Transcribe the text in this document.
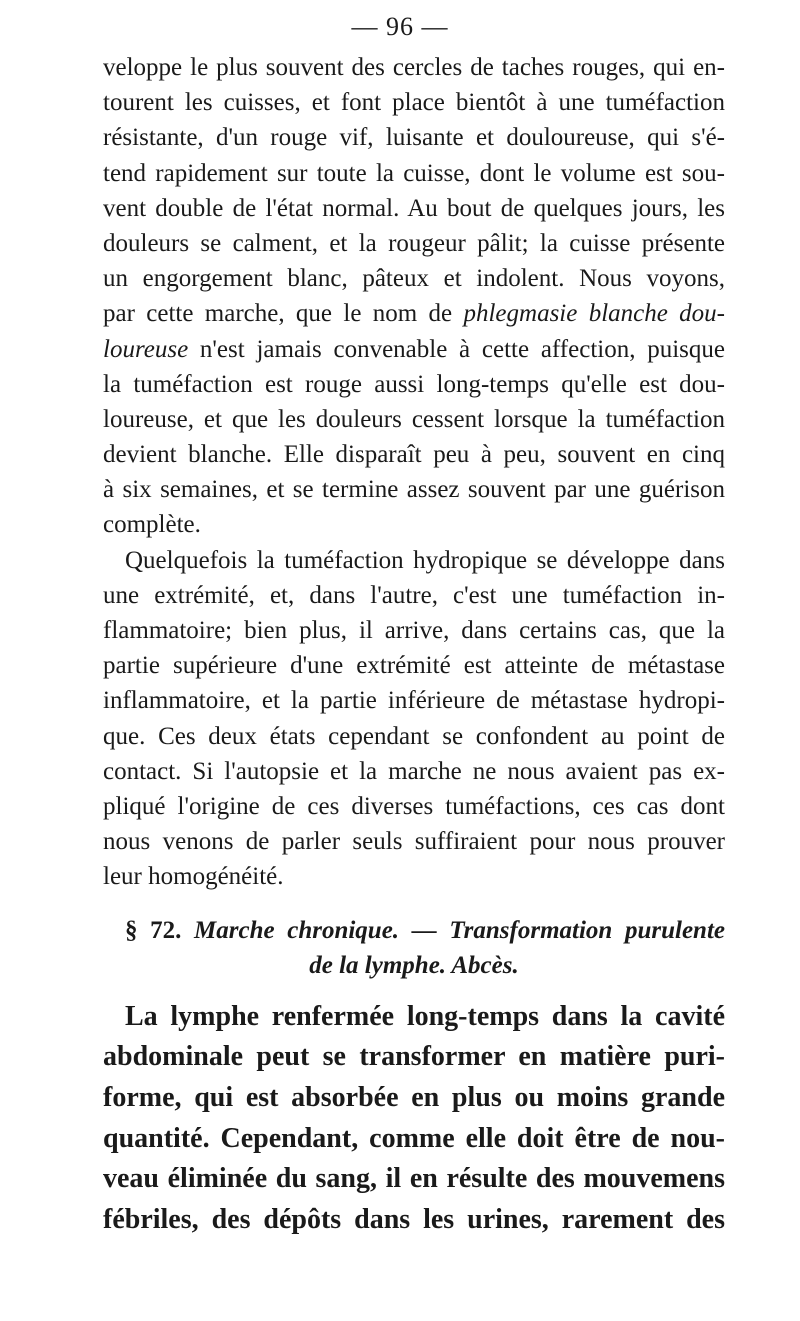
— 96 —
veloppe le plus souvent des cercles de taches rouges, qui en-
tourent les cuisses, et font place bientôt à une tuméfaction
résistante, d'un rouge vif, luisante et douloureuse, qui s'é-
tend rapidement sur toute la cuisse, dont le volume est sou-
vent double de l'état normal. Au bout de quelques jours, les
douleurs se calment, et la rougeur pâlit; la cuisse présente
un engorgement blanc, pâteux et indolent. Nous voyons,
par cette marche, que le nom de phlegmasie blanche dou-
loureuse n'est jamais convenable à cette affection, puisque
la tuméfaction est rouge aussi long-temps qu'elle est dou-
loureuse, et que les douleurs cessent lorsque la tuméfaction
devient blanche. Elle disparaît peu à peu, souvent en cinq
à six semaines, et se termine assez souvent par une guérison
complète.
Quelquefois la tuméfaction hydropique se développe dans
une extrémité, et, dans l'autre, c'est une tuméfaction in-
flammatoire; bien plus, il arrive, dans certains cas, que la
partie supérieure d'une extrémité est atteinte de métastase
inflammatoire, et la partie inférieure de métastase hydropi-
que. Ces deux états cependant se confondent au point de
contact. Si l'autopsie et la marche ne nous avaient pas ex-
pliqué l'origine de ces diverses tuméfactions, ces cas dont
nous venons de parler seuls suffiraient pour nous prouver
leur homogénéité.
§ 72. Marche chronique. — Transformation purulente
de la lymphe. Abcès.
La lymphe renfermée long-temps dans la cavité
abdominale peut se transformer en matière puri-
forme, qui est absorbée en plus ou moins grande
quantité. Cependant, comme elle doit être de nou-
veau éliminée du sang, il en résulte des mouvemens
fébriles, des dépôts dans les urines, rarement des
